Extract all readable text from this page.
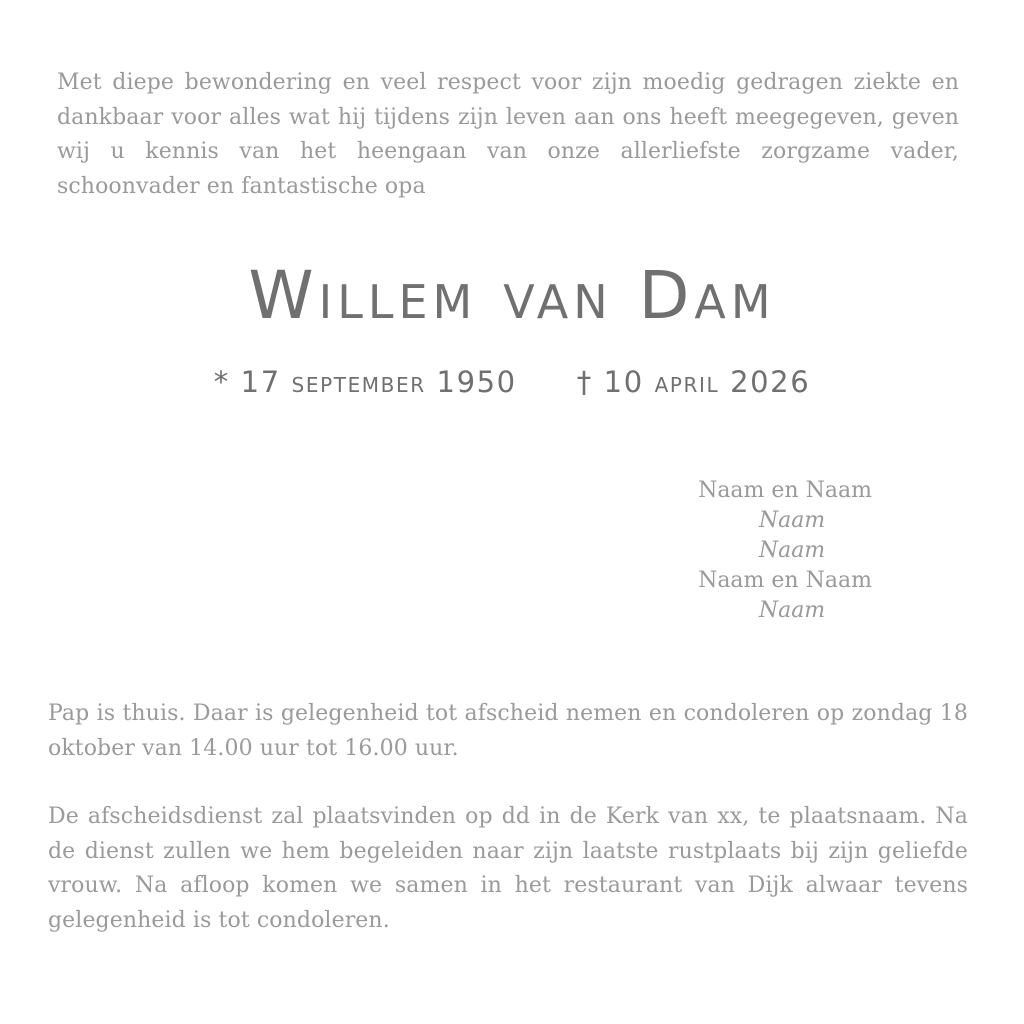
Met diepe bewondering en veel respect voor zijn moedig gedragen ziekte en dankbaar voor alles wat hij tijdens zijn leven aan ons heeft meegegeven, geven wij u kennis van het heengaan van onze allerliefste zorgzame vader, schoonvader en fantastische opa
Willem van Dam
* 17 september 1950 † 10 april 2026
Naam en Naam
Naam
Naam
Naam en Naam
Naam
Pap is thuis. Daar is gelegenheid tot afscheid nemen en condoleren op zondag 18 oktober van 14.00 uur tot 16.00 uur.
De afscheidsdienst zal plaatsvinden op dd in de Kerk van xx, te plaatsnaam. Na de dienst zullen we hem begeleiden naar zijn laatste rustplaats bij zijn geliefde vrouw. Na afloop komen we samen in het restaurant van Dijk alwaar tevens gelegenheid is tot condoleren.
